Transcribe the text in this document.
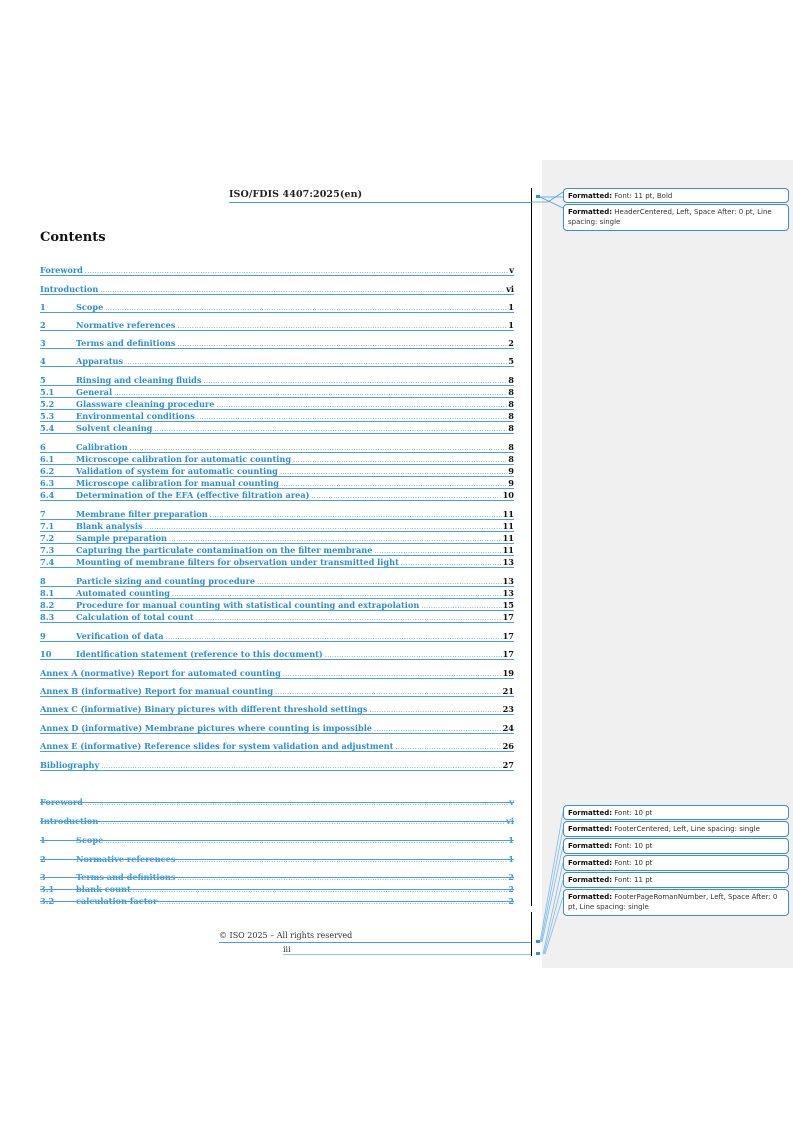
ISO/FDIS 4407:2025(en)
Contents
Foreword .....	v
Introduction .....	vi
1	Scope .....	1
2	Normative references .....	1
3	Terms and definitions .....	2
4	Apparatus .....	5
5	Rinsing and cleaning fluids .....	8
5.1	General .....	8
5.2	Glassware cleaning procedure .....	8
5.3	Environmental conditions .....	8
5.4	Solvent cleaning .....	8
6	Calibration .....	8
6.1	Microscope calibration for automatic counting .....	8
6.2	Validation of system for automatic counting .....	9
6.3	Microscope calibration for manual counting .....	9
6.4	Determination of the EFA (effective filtration area) .....	10
7	Membrane filter preparation .....	11
7.1	Blank analysis .....	11
7.2	Sample preparation .....	11
7.3	Capturing the particulate contamination on the filter membrane .....	11
7.4	Mounting of membrane filters for observation under transmitted light .....	13
8	Particle sizing and counting procedure .....	13
8.1	Automated counting .....	13
8.2	Procedure for manual counting with statistical counting and extrapolation .....	15
8.3	Calculation of total count .....	17
9	Verification of data .....	17
10	Identification statement (reference to this document) .....	17
Annex A (normative) Report for automated counting .....	19
Annex B (informative) Report for manual counting .....	21
Annex C (informative) Binary pictures with different threshold settings .....	23
Annex D (informative) Membrane pictures where counting is impossible .....	24
Annex E (informative) Reference slides for system validation and adjustment .....	26
Bibliography .....	27
Foreword .....	v
Introduction .....	vi
1	Scope .....	1
2	Normative references .....	1
3	Terms and definitions .....	2
3.1	blank count .....	2
3.2	calculation factor .....	2
© ISO 2025 – All rights reserved
iii
Formatted: Font: 11 pt, Bold
Formatted: HeaderCentered, Left, Space After: 0 pt, Line spacing: single
Formatted: Font: 10 pt
Formatted: FooterCentered, Left, Line spacing: single
Formatted: Font: 10 pt
Formatted: Font: 10 pt
Formatted: Font: 11 pt
Formatted: FooterPageRomanNumber, Left, Space After: 0 pt, Line spacing: single
